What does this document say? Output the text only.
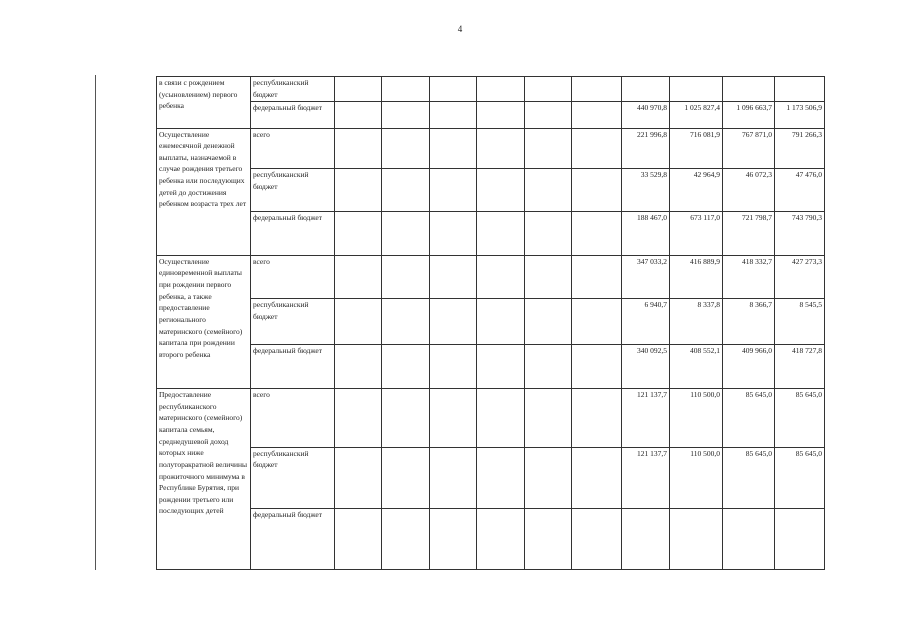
4
в связи с рождением (усыновлением) первого ребенка	республиканский бюджет										
	федеральный бюджет							440 970,8	1 025 827,4	1 096 663,7	1 173 506,9
Осуществление ежемесячной денежной выплаты, назначаемой в случае рождения третьего ребенка или последующих детей до достижения ребенком возраста трех лет	всего							221 996,8	716 081,9	767 871,0	791 266,3
	республиканский бюджет							33 529,8	42 964,9	46 072,3	47 476,0
	федеральный бюджет							188 467,0	673 117,0	721 798,7	743 790,3
Осуществление единовременной выплаты при рождении первого ребенка, а также предоставление регионального материнского (семейного) капитала при рождении второго ребенка	всего							347 033,2	416 889,9	418 332,7	427 273,3
	республиканский бюджет							6 940,7	8 337,8	8 366,7	8 545,5
	федеральный бюджет							340 092,5	408 552,1	409 966,0	418 727,8
Предоставление республиканского материнского (семейного) капитала семьям, среднедушевой доход которых ниже полуторакратной величины прожиточного минимума в Республике Бурятия, при рождении третьего или последующих детей	всего							121 137,7	110 500,0	85 645,0	85 645,0
	республиканский бюджет							121 137,7	110 500,0	85 645,0	85 645,0
	федеральный бюджет										
